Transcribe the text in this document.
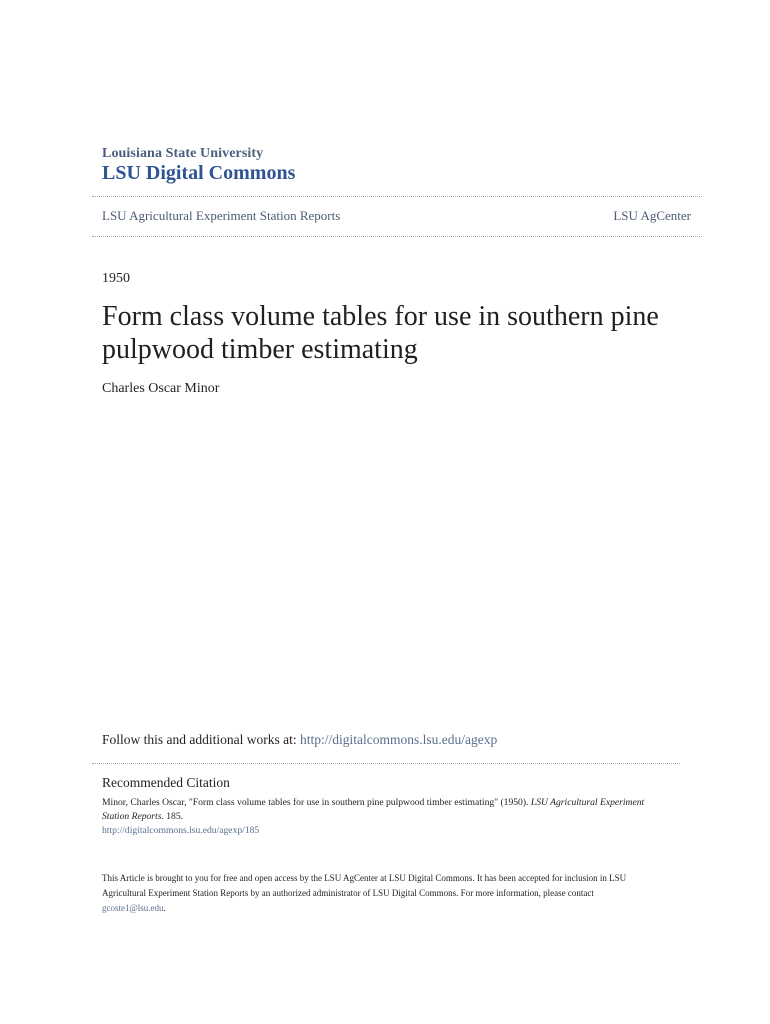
Louisiana State University
LSU Digital Commons
LSU Agricultural Experiment Station Reports	LSU AgCenter
1950
Form class volume tables for use in southern pine pulpwood timber estimating
Charles Oscar Minor
Follow this and additional works at: http://digitalcommons.lsu.edu/agexp
Recommended Citation
Minor, Charles Oscar, "Form class volume tables for use in southern pine pulpwood timber estimating" (1950). LSU Agricultural Experiment Station Reports. 185.
http://digitalcommons.lsu.edu/agexp/185
This Article is brought to you for free and open access by the LSU AgCenter at LSU Digital Commons. It has been accepted for inclusion in LSU Agricultural Experiment Station Reports by an authorized administrator of LSU Digital Commons. For more information, please contact
gcoste1@lsu.edu.
